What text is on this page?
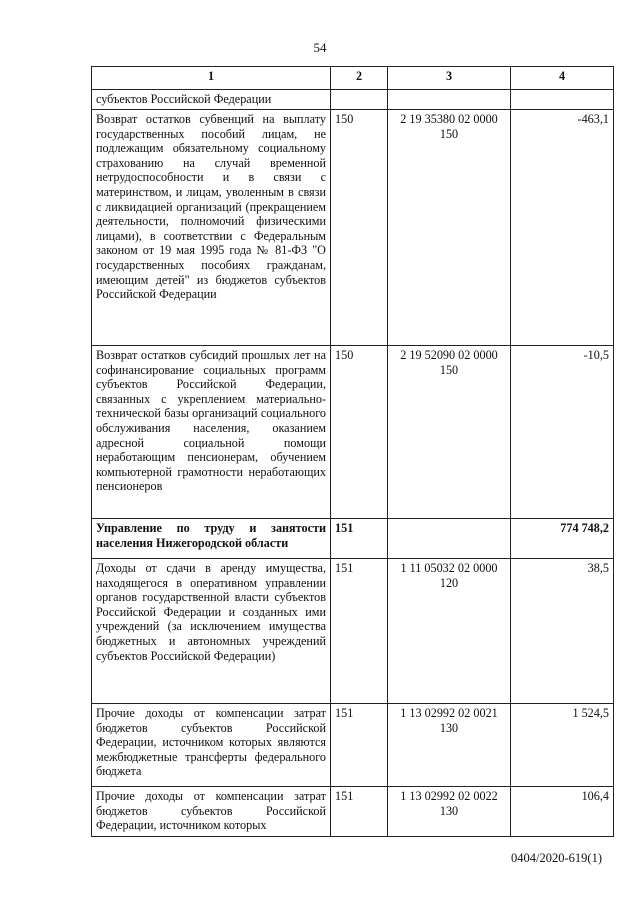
54
1	2	3	4
субъектов Российской Федерации			
Возврат остатков субвенций на выплату государственных пособий лицам, не подлежащим обязательному социальному страхованию на случай временной нетрудоспособности и в связи с материнством, и лицам, уволенным в связи с ликвидацией организаций (прекращением деятельности, полномочий физическими лицами), в соответствии с Федеральным законом от 19 мая 1995 года № 81-ФЗ "О государственных пособиях гражданам, имеющим детей" из бюджетов субъектов Российской Федерации	150	2 19 35380 02 0000 150	-463,1
Возврат остатков субсидий прошлых лет на софинансирование социальных программ субъектов Российской Федерации, связанных с укреплением материально-технической базы организаций социального обслуживания населения, оказанием адресной социальной помощи неработающим пенсионерам, обучением компьютерной грамотности неработающих пенсионеров	150	2 19 52090 02 0000 150	-10,5
Управление по труду и занятости населения Нижегородской области	151		774 748,2
Доходы от сдачи в аренду имущества, находящегося в оперативном управлении органов государственной власти субъектов Российской Федерации и созданных ими учреждений (за исключением имущества бюджетных и автономных учреждений субъектов Российской Федерации)	151	1 11 05032 02 0000 120	38,5
Прочие доходы от компенсации затрат бюджетов субъектов Российской Федерации, источником которых являются межбюджетные трансферты федерального бюджета	151	1 13 02992 02 0021 130	1 524,5
Прочие доходы от компенсации затрат бюджетов субъектов Российской Федерации, источником которых	151	1 13 02992 02 0022 130	106,4
0404/2020-619(1)
